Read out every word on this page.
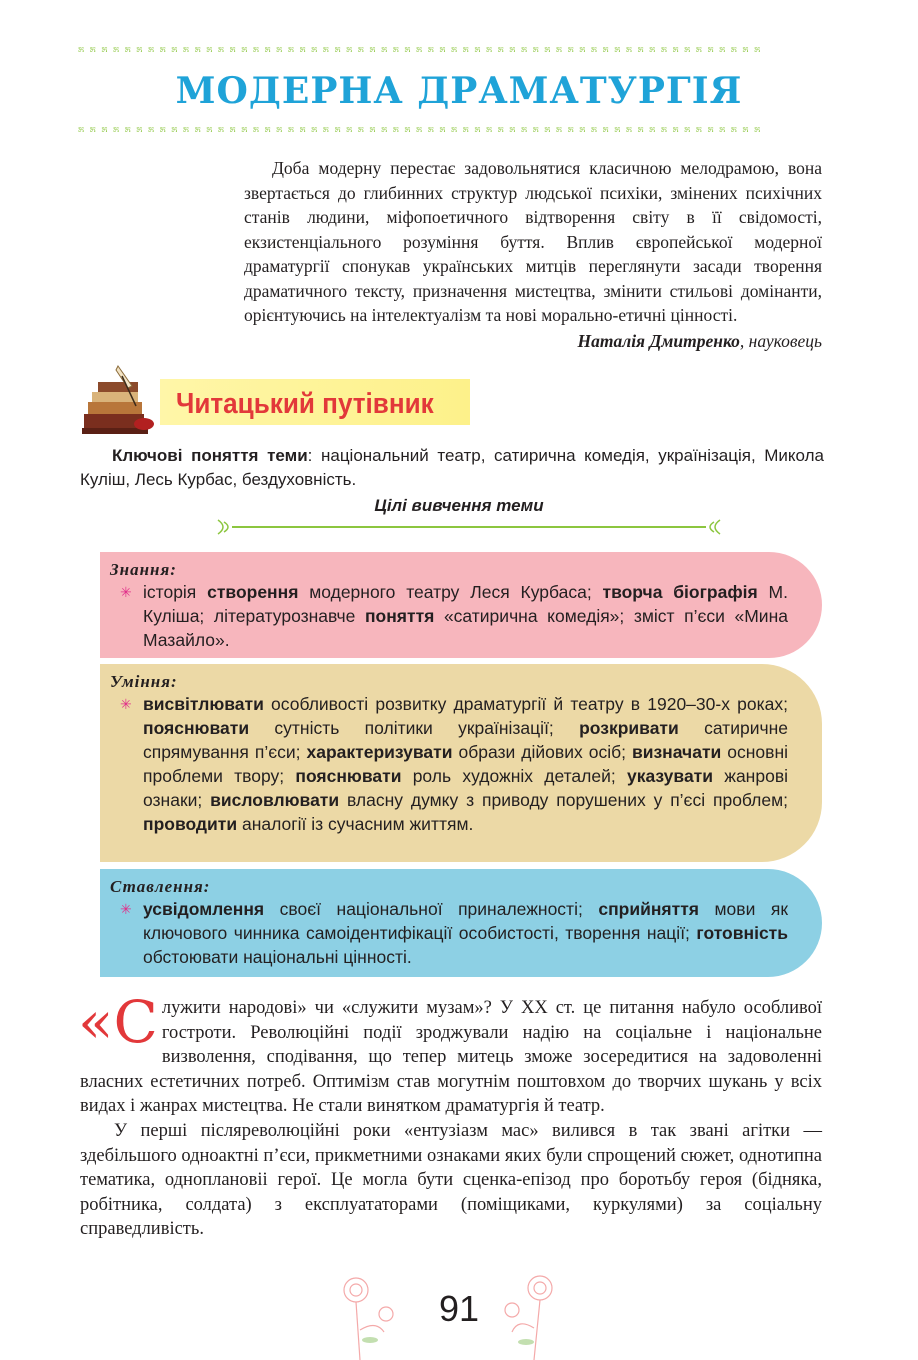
೫ ೫ ೫ ೫ ೫ ೫ ೫ ೫ ೫ ೫ ೫ ೫ ೫ ೫ ೫ ೫ ೫ ೫ ೫ ೫ ೫ ೫ ೫ ೫ ೫ ೫ ೫ ೫ ೫ ೫ ೫ ೫ ೫ ೫ ೫ ೫ ೫ ೫ ೫ ೫ ೫ ೫ ೫ ೫ ೫ ೫ ೫ ೫ ೫ ೫ ೫ ೫ ೫ ೫ ೫ ೫ ೫ ೫ ೫
МОДЕРНА ДРАМАТУРГІЯ
೫ ೫ ೫ ೫ ೫ ೫ ೫ ೫ ೫ ೫ ೫ ೫ ೫ ೫ ೫ ೫ ೫ ೫ ೫ ೫ ೫ ೫ ೫ ೫ ೫ ೫ ೫ ೫ ೫ ೫ ೫ ೫ ೫ ೫ ೫ ೫ ೫ ೫ ೫ ೫ ೫ ೫ ೫ ೫ ೫ ೫ ೫ ೫ ೫ ೫ ೫ ೫ ೫ ೫ ೫ ೫ ೫ ೫ ೫

Доба модерну перестає задовольнятися класичною мелодрамою, вона звертається до глибинних структур людської психіки, змінених психічних станів людини, міфопоетичного відтворення світу в її свідомості, екзистенціального розуміння буття. Вплив європейської модерної драматургії спонукав українських митців переглянути засади творення драматичного тексту, призначення мистецтва, змінити стильові домінанти, орієнтуючись на інтелектуалізм та нові морально-етичні цінності.

Наталія Дмитренко, науковець

Читацький путівник
Ключові поняття теми: національний театр, сатирична комедія, українізація, Микола Куліш, Лесь Курбас, бездуховність.
Цілі вивчення теми
Знання:
✳ історія створення модерного театру Леся Курбаса; творча біографія М. Куліша; літературознавче поняття «сатирична комедія»; зміст п’єси «Мина Мазайло».
Уміння:
✳ висвітлювати особливості розвитку драматургії й театру в 1920–30-х роках; пояснювати сутність політики українізації; розкривати сатиричне спрямування п’єси; характеризувати образи дійових осіб; визначати основні проблеми твору; пояснювати роль художніх деталей; указувати жанрові ознаки; висловлювати власну думку з приводу порушених у п’єсі проблем; проводити аналогії із сучасним життям.
Ставлення:
✳ усвідомлення своєї національної приналежності; сприйняття мови як ключового чинника самоідентифікації особистості, творення нації; готовність обстоювати національні цінності.

«Служити народові» чи «служити музам»? У XX ст. це питання набуло особливої гостроти. Революційні події зроджували надію на соціальне і національне визволення, сподівання, що тепер митець зможе зосередитися на задоволенні власних естетичних потреб. Оптимізм став могутнім поштовхом до творчих шукань у всіх видах і жанрах мистецтва. Не стали винятком драматургія й театр.

У перші післяреволюційні роки «ентузіазм мас» вилився в так звані агітки — здебільшого одноактні п’єси, прикметними ознаками яких були спрощений сюжет, однотипна тематика, одноплановіі герої. Це могла бути сценка-епізод про боротьбу героя (бідняка, робітника, солдата) з експлуататорами (поміщиками, куркулями) за соціальну справедливість.

91
